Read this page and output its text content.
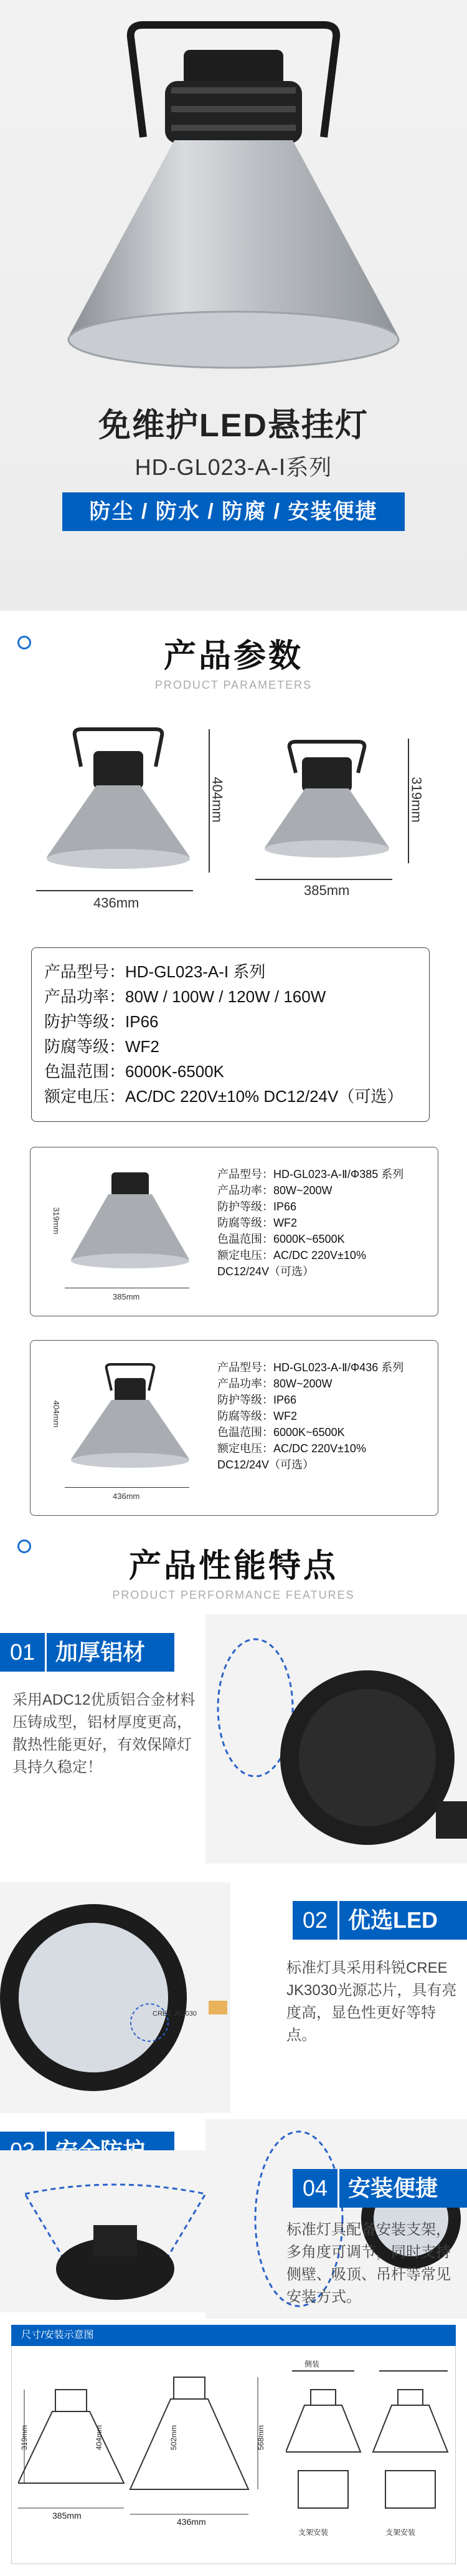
免维护LED悬挂灯
HD-GL023-A-Ⅰ系列
防尘 / 防水 / 防腐 / 安装便捷
产品参数
PRODUCT PARAMETERS
436mm
404mm
385mm
319mm
产品型号：HD-GL023-A-I 系列
产品功率：80W / 100W / 120W / 160W
防护等级：IP66
防腐等级：WF2
色温范围：6000K-6500K
额定电压：AC/DC 220V±10% DC12/24V（可选）
319mm
385mm
产品型号：HD-GL023-A-Ⅱ/Φ385 系列
产品功率：80W~200W
防护等级：IP66
防腐等级：WF2
色温范围：6000K~6500K
额定电压：AC/DC 220V±10%
DC12/24V（可选）
404mm
436mm
产品型号：HD-GL023-A-Ⅱ/Φ436 系列
产品功率：80W~200W
防护等级：IP66
防腐等级：WF2
色温范围：6000K~6500K
额定电压：AC/DC 220V±10%
DC12/24V（可选）
产品性能特点
PRODUCT PERFORMANCE FEATURES
01 加厚铝材
采用ADC12优质铝合金材料压铸成型，铝材厚度更高，散热性能更好，有效保障灯具持久稳定！
CREE JK3030
02 优选LED
标准灯具采用科锐CREE JK3030光源芯片，具有亮度高，显色性更好等特点。
04 安装便捷
标准灯具配备安装支架，多角度可调节，同时支持侧壁、吸顶、吊杆等常见安装方式。
尺寸/安装示意图
385mm
436mm
319mm	404mm	568mm
502mm
侧装
支架安装	支架安装
